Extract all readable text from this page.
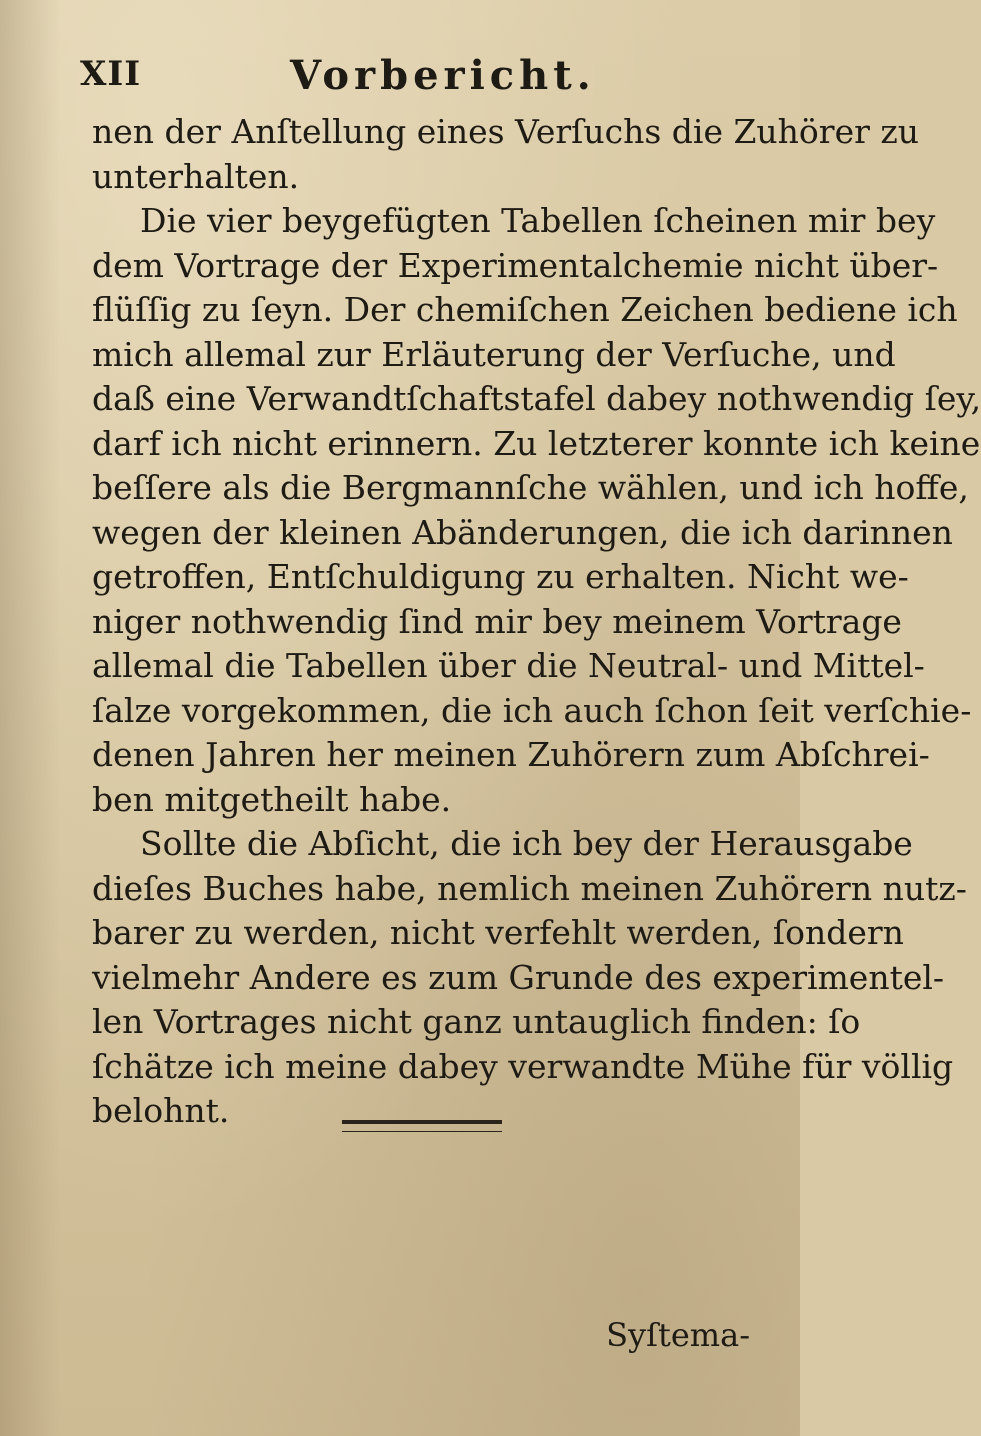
XII	Vorbericht.
nen der Anſtellung eines Verſuchs die Zuhörer zu
unterhalten.
Die vier beygefügten Tabellen ſcheinen mir bey
dem Vortrage der Experimentalchemie nicht über-
flüſſig zu ſeyn. Der chemiſchen Zeichen bediene ich
mich allemal zur Erläuterung der Verſuche, und
daß eine Verwandtſchaftstafel dabey nothwendig ſey,
darf ich nicht erinnern. Zu letzterer konnte ich keine
beſſere als die Bergmannſche wählen, und ich hoffe,
wegen der kleinen Abänderungen, die ich darinnen
getroffen, Entſchuldigung zu erhalten. Nicht we-
niger nothwendig ſind mir bey meinem Vortrage
allemal die Tabellen über die Neutral- und Mittel-
ſalze vorgekommen, die ich auch ſchon ſeit verſchie-
denen Jahren her meinen Zuhörern zum Abſchrei-
ben mitgetheilt habe.
Sollte die Abſicht, die ich bey der Herausgabe
dieſes Buches habe, nemlich meinen Zuhörern nutz-
barer zu werden, nicht verfehlt werden, ſondern
vielmehr Andere es zum Grunde des experimentel-
len Vortrages nicht ganz untauglich finden: ſo
ſchätze ich meine dabey verwandte Mühe für völlig
belohnt.
Syſtema-
